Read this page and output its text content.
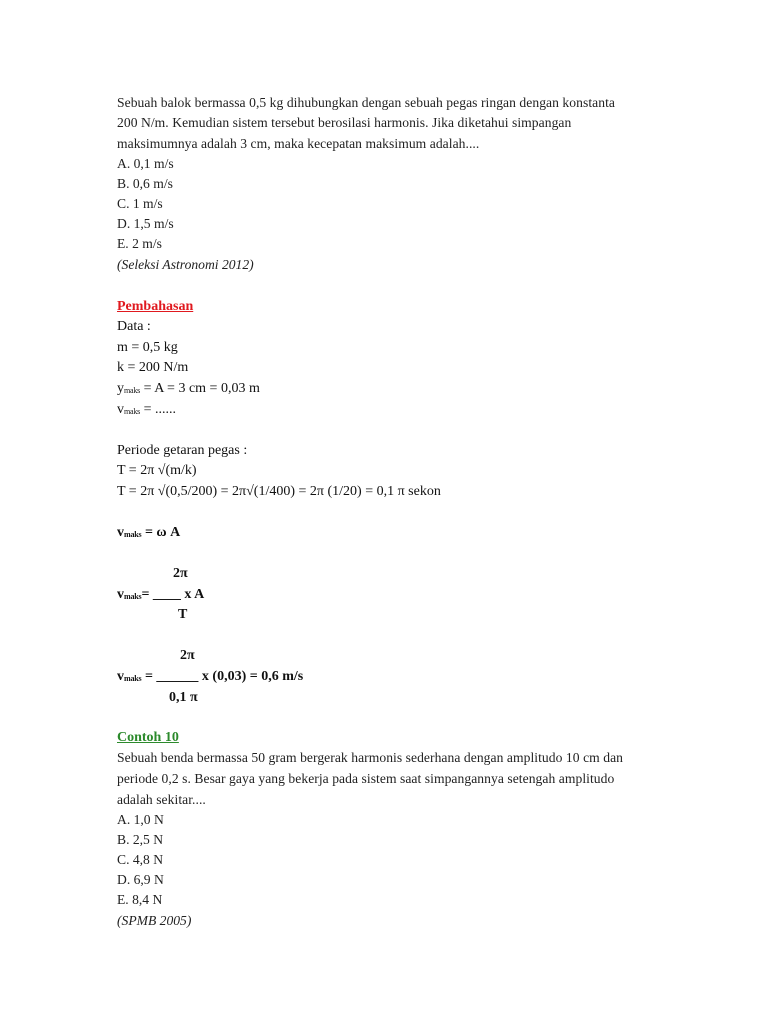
Sebuah balok bermassa 0,5 kg dihubungkan dengan sebuah pegas ringan dengan konstanta
200 N/m. Kemudian sistem tersebut berosilasi harmonis. Jika diketahui simpangan
maksimumnya adalah 3 cm, maka kecepatan maksimum adalah....
A. 0,1 m/s
B. 0,6 m/s
C. 1 m/s
D. 1,5 m/s
E. 2 m/s
(Seleksi Astronomi 2012)
Pembahasan
Data :
m = 0,5 kg
k = 200 N/m
ymaks = A = 3 cm = 0,03 m
vmaks = ......
Periode getaran pegas :
T = 2π √(m/k)
T = 2π √(0,5/200) = 2π√(1/400) = 2π (1/20) = 0,1 π sekon
vmaks = ω A
2π
vmaks= ____ x A
T
2π
vmaks = ______ x (0,03) = 0,6 m/s
0,1 π
Contoh 10
Sebuah benda bermassa 50 gram bergerak harmonis sederhana dengan amplitudo 10 cm dan
periode 0,2 s. Besar gaya yang bekerja pada sistem saat simpangannya setengah amplitudo
adalah sekitar....
A. 1,0 N
B. 2,5 N
C. 4,8 N
D. 6,9 N
E. 8,4 N
(SPMB 2005)
